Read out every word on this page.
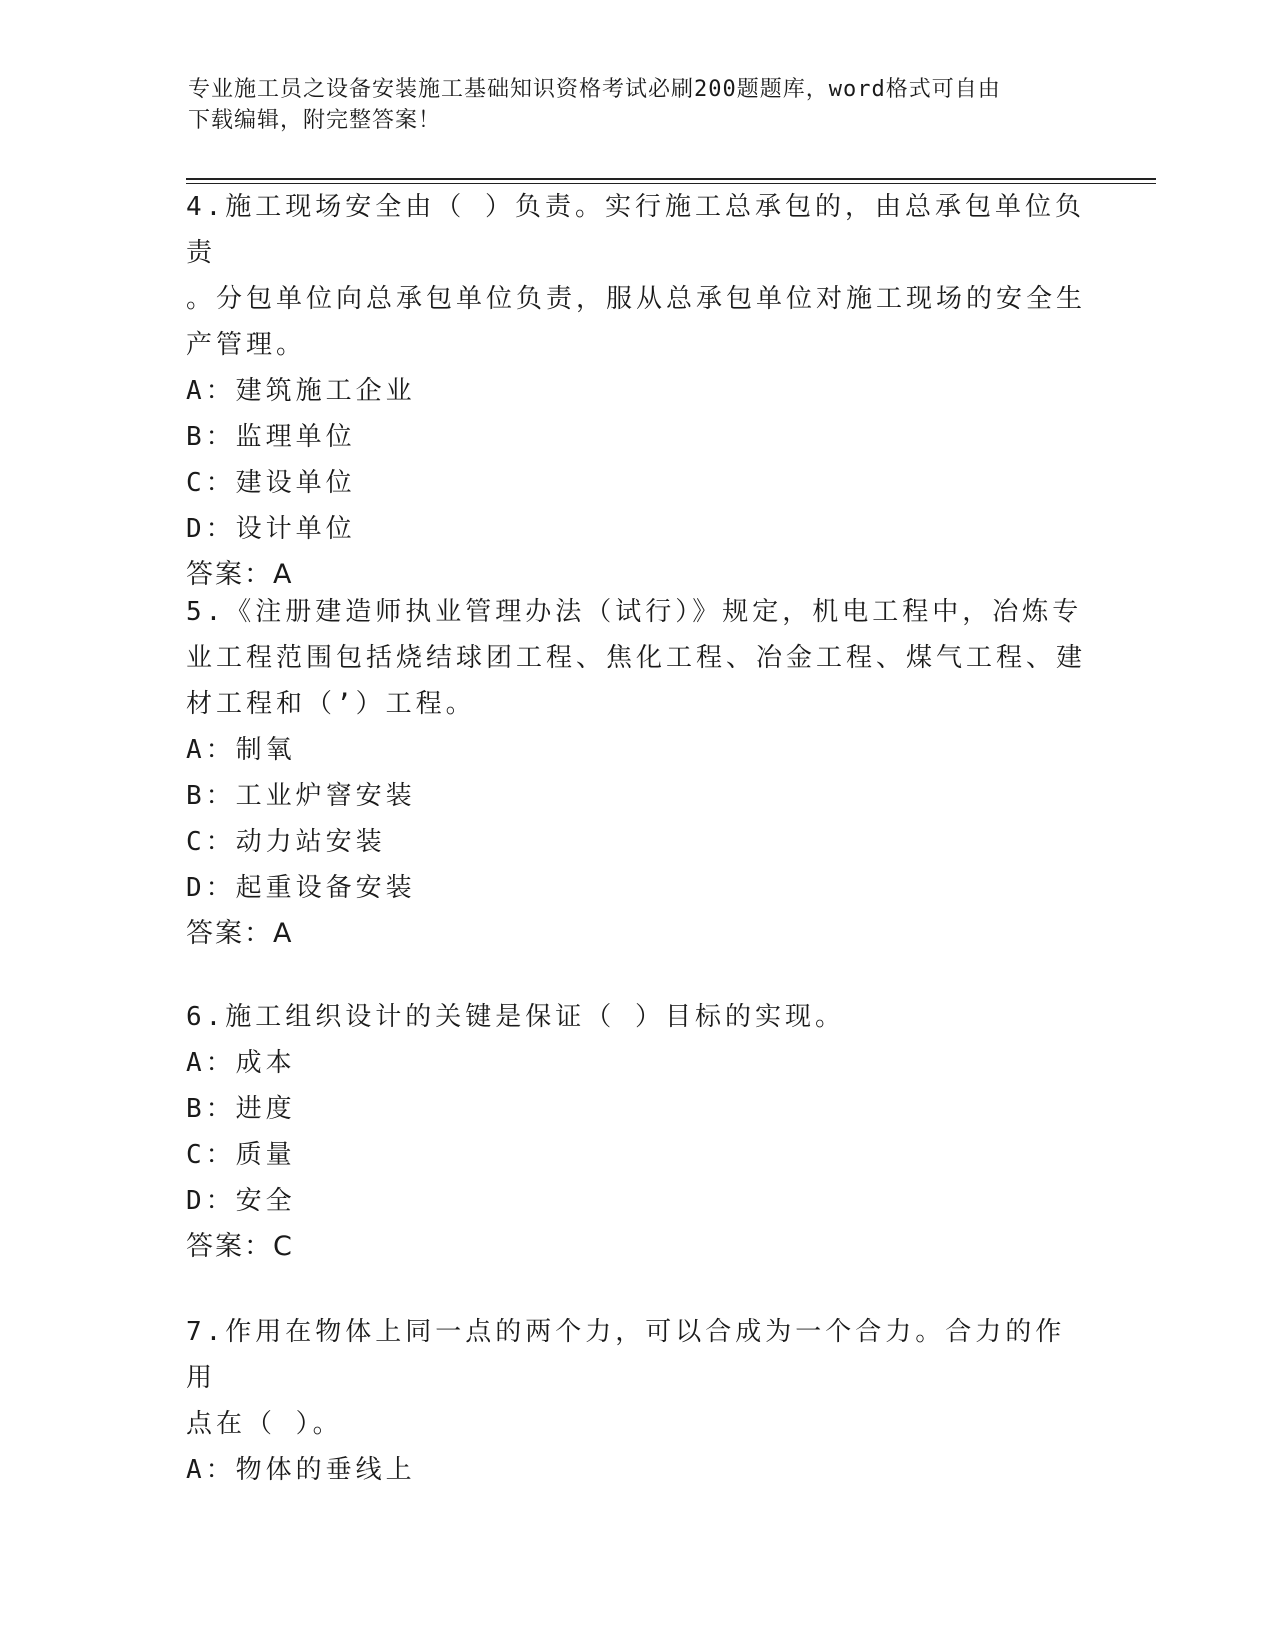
专业施工员之设备安装施工基础知识资格考试必刷200题题库，word格式可自由
下载编辑，附完整答案！
4.施工现场安全由（ ）负责。实行施工总承包的，由总承包单位负责
。分包单位向总承包单位负责，服从总承包单位对施工现场的安全生
产管理。
A：建筑施工企业
B：监理单位
C：建设单位
D：设计单位
答案：A
5.《注册建造师执业管理办法（试行）》规定，机电工程中，冶炼专
业工程范围包括烧结球团工程、焦化工程、冶金工程、煤气工程、建
材工程和（’）工程。
A：制氧
B：工业炉窨安装
C：动力站安装
D：起重设备安装
答案：A
6.施工组织设计的关键是保证（ ）目标的实现。
A：成本
B：进度
C：质量
D：安全
答案：C
7.作用在物体上同一点的两个力，可以合成为一个合力。合力的作用
点在（ ）。
A：物体的垂线上
